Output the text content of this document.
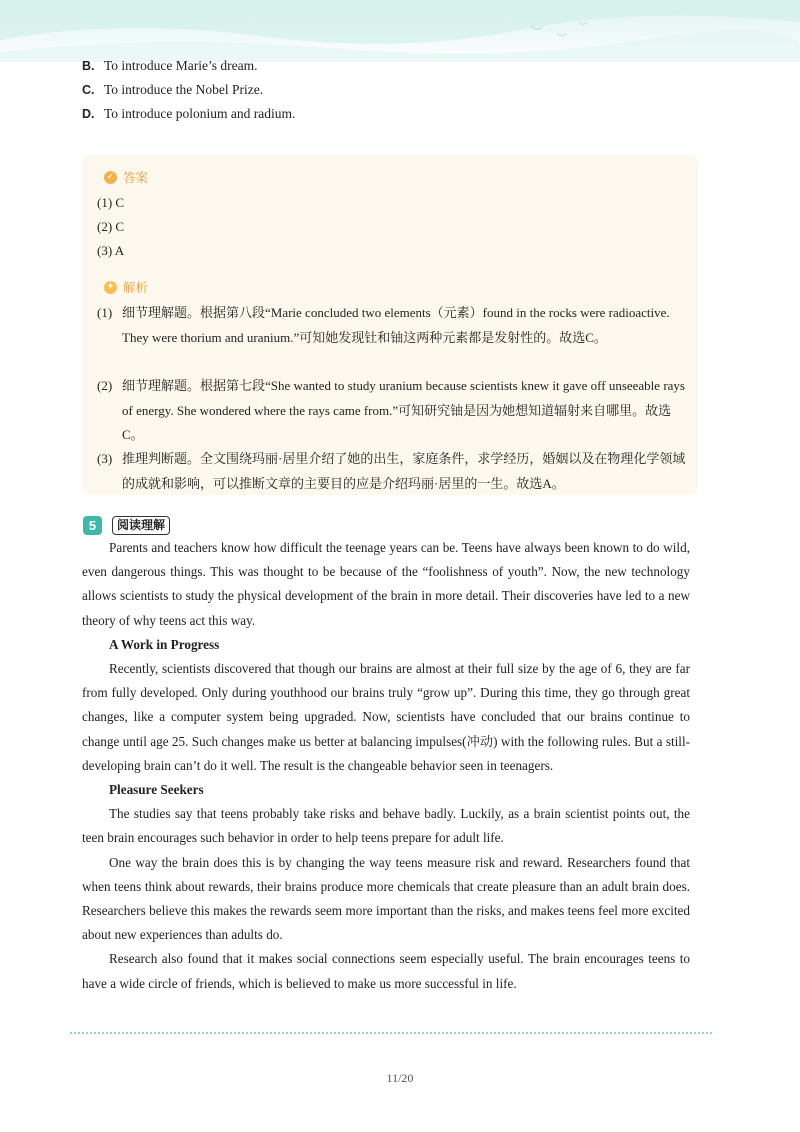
︶ ︶
︶
B. To introduce Marie’s dream.
C. To introduce the Nobel Prize.
D. To introduce polonium and radium.
✓ 答案
(1) C
(2) C
(3) A
✦ 解析
(1) 细节理解题。根据第八段“Marie concluded two elements（元素）found in the rocks were radioactive. They were thorium and uranium.”可知她发现钍和铀这两种元素都是发射性的。故选C。
(2) 细节理解题。根据第七段“She wanted to study uranium because scientists knew it gave off unseeable rays of energy. She wondered where the rays came from.”可知研究铀是因为她想知道辐射来自哪里。故选C。
(3) 推理判断题。全文围绕玛丽·居里介绍了她的出生，家庭条件，求学经历，婚姻以及在物理化学领域的成就和影响，可以推断文章的主要目的应是介绍玛丽·居里的一生。故选A。
5	阅读理解

Parents and teachers know how difficult the teenage years can be. Teens have always been known to do wild, even dangerous things. This was thought to be because of the “foolishness of youth”. Now, the new technology allows scientists to study the physical development of the brain in more detail. Their discoveries have led to a new theory of why teens act this way.

A Work in Progress

Recently, scientists discovered that though our brains are almost at their full size by the age of 6, they are far from fully developed. Only during youthhood our brains truly “grow up”. During this time, they go through great changes, like a computer system being upgraded. Now, scientists have concluded that our brains continue to change until age 25. Such changes make us better at balancing impulses(冲动) with the following rules. But a still-developing brain can’t do it well. The result is the changeable behavior seen in teenagers.

Pleasure Seekers

The studies say that teens probably take risks and behave badly. Luckily, as a brain scientist points out, the teen brain encourages such behavior in order to help teens prepare for adult life.

One way the brain does this is by changing the way teens measure risk and reward. Researchers found that when teens think about rewards, their brains produce more chemicals that create pleasure than an adult brain does. Researchers believe this makes the rewards seem more important than the risks, and makes teens feel more excited about new experiences than adults do.

Research also found that it makes social connections seem especially useful. The brain encourages teens to have a wide circle of friends, which is believed to make us more successful in life.

11/20
